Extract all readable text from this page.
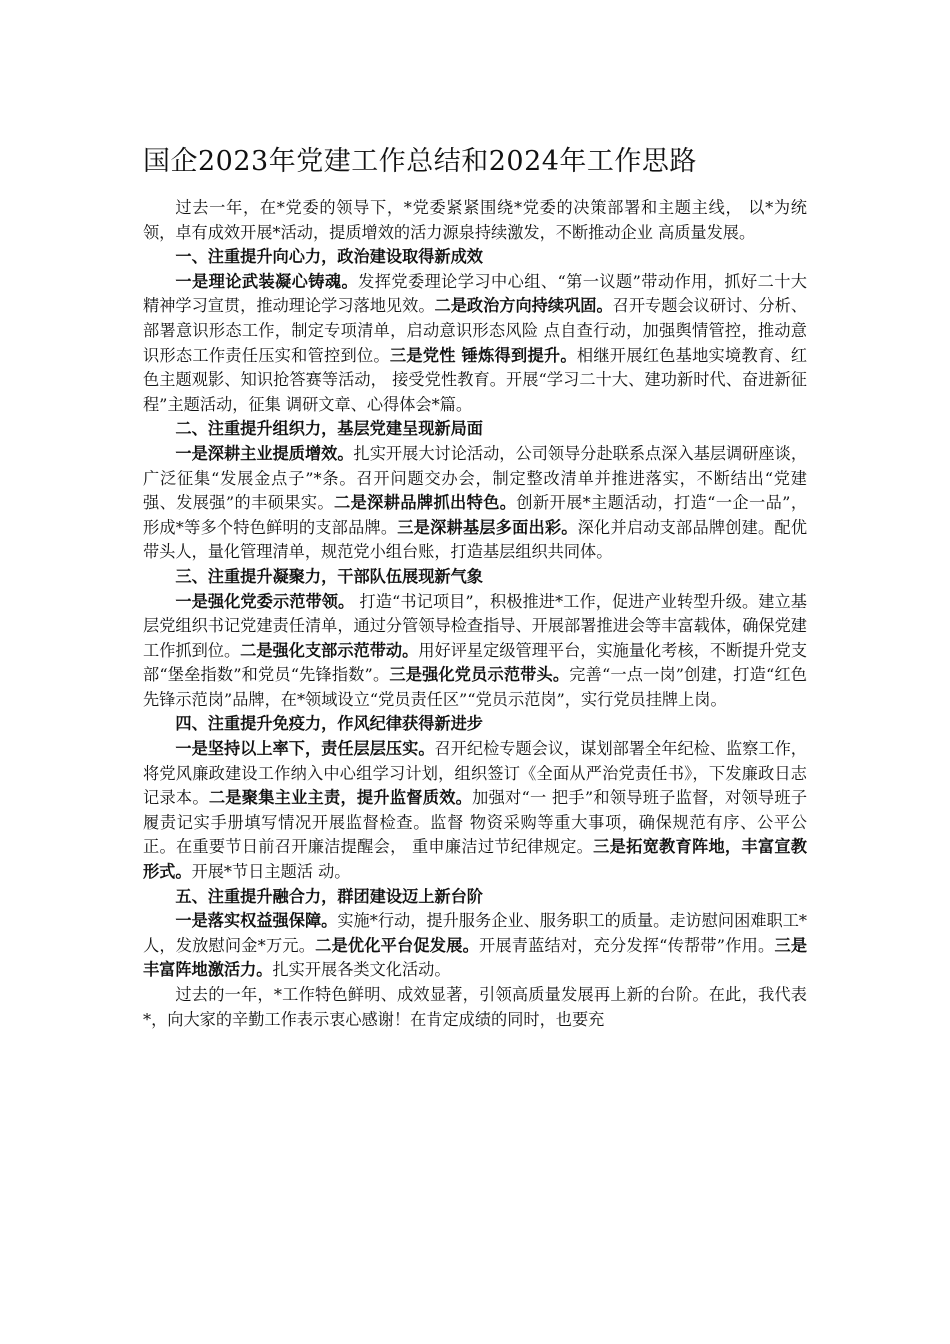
国企2023年党建工作总结和2024年工作思路

过去一年，在*党委的领导下，*党委紧紧围绕*党委的决策部署和主题主线， 以*为统领，卓有成效开展*活动，提质增效的活力源泉持续激发，不断推动企业 高质量发展。

一、注重提升向心力，政治建设取得新成效

一是理论武装凝心铸魂。发挥党委理论学习中心组、“第一议题”带动作用，抓好二十大精神学习宣贯，推动理论学习落地见效。二是政治方向持续巩固。召开专题会议研讨、分析、部署意识形态工作，制定专项清单，启动意识形态风险 点自查行动，加强舆情管控，推动意识形态工作责任压实和管控到位。三是党性 锤炼得到提升。相继开展红色基地实境教育、红色主题观影、知识抢答赛等活动， 接受党性教育。开展“学习二十大、建功新时代、奋进新征程”主题活动，征集 调研文章、心得体会*篇。

二、注重提升组织力，基层党建呈现新局面

一是深耕主业提质增效。扎实开展大讨论活动，公司领导分赴联系点深入基层调研座谈，广泛征集“发展金点子”*条。召开问题交办会，制定整改清单并推进落实，不断结出“党建强、发展强”的丰硕果实。二是深耕品牌抓出特色。创新开展*主题活动，打造“一企一品”，形成*等多个特色鲜明的支部品牌。三是深耕基层多面出彩。深化并启动支部品牌创建。配优带头人，量化管理清单，规范党小组台账，打造基层组织共同体。

三、注重提升凝聚力，干部队伍展现新气象

一是强化党委示范带领。 打造“书记项目”，积极推进*工作，促进产业转型升级。建立基层党组织书记党建责任清单，通过分管领导检查指导、开展部署推进会等丰富载体，确保党建工作抓到位。二是强化支部示范带动。用好评星定级管理平台，实施量化考核，不断提升党支部“堡垒指数”和党员“先锋指数”。三是强化党员示范带头。完善“一点一岗”创建，打造“红色先锋示范岗”品牌，在*领域设立“党员责任区”“党员示范岗”，实行党员挂牌上岗。

四、注重提升免疫力，作风纪律获得新进步

一是坚持以上率下，责任层层压实。召开纪检专题会议，谋划部署全年纪检、监察工作，将党风廉政建设工作纳入中心组学习计划，组织签订《全面从严治党责任书》，下发廉政日志记录本。二是聚集主业主责，提升监督质效。加强对“一 把手”和领导班子监督，对领导班子履责记实手册填写情况开展监督检查。监督 物资采购等重大事项，确保规范有序、公平公正。在重要节日前召开廉洁提醒会， 重申廉洁过节纪律规定。三是拓宽教育阵地，丰富宣教形式。开展*节日主题活 动。

五、注重提升融合力，群团建设迈上新台阶

一是落实权益强保障。实施*行动，提升服务企业、服务职工的质量。走访慰问困难职工*人，发放慰问金*万元。二是优化平台促发展。开展青蓝结对，充分发挥“传帮带”作用。三是丰富阵地激活力。扎实开展各类文化活动。

过去的一年，*工作特色鲜明、成效显著，引领高质量发展再上新的台阶。在此，我代表*，向大家的辛勤工作表示衷心感谢！在肯定成绩的同时，也要充
